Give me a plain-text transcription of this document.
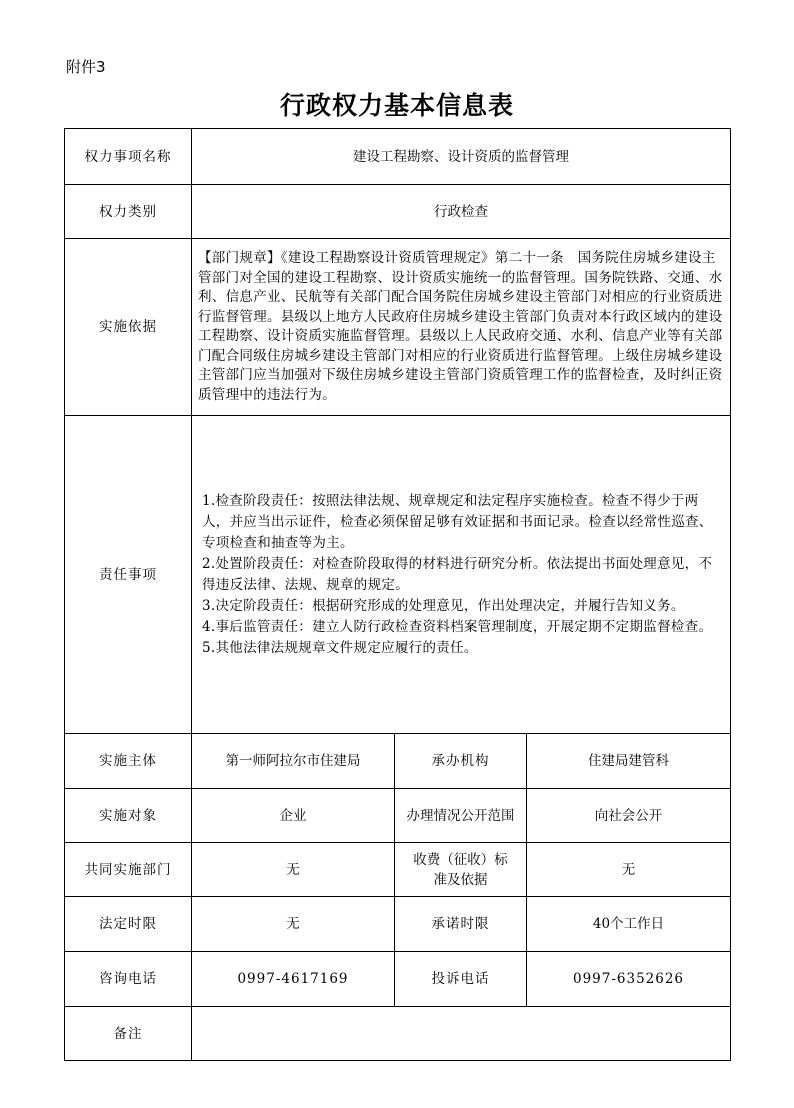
附件3
行政权力基本信息表
权力事项名称	建设工程勘察、设计资质的监督管理		
权力类别	行政检查		
实施依据	【部门规章】《建设工程勘察设计资质管理规定》第二十一条　国务院住房城乡建设主管部门对全国的建设工程勘察、设计资质实施统一的监督管理。国务院铁路、交通、水利、信息产业、民航等有关部门配合国务院住房城乡建设主管部门对相应的行业资质进行监督管理。县级以上地方人民政府住房城乡建设主管部门负责对本行政区域内的建设工程勘察、设计资质实施监督管理。县级以上人民政府交通、水利、信息产业等有关部门配合同级住房城乡建设主管部门对相应的行业资质进行监督管理。上级住房城乡建设主管部门应当加强对下级住房城乡建设主管部门资质管理工作的监督检查，及时纠正资质管理中的违法行为。		
责任事项	1.检查阶段责任：按照法律法规、规章规定和法定程序实施检查。检查不得少于两人，并应当出示证件，检查必须保留足够有效证据和书面记录。检查以经常性巡查、专项检查和抽查等为主。
2.处置阶段责任：对检查阶段取得的材料进行研究分析。依法提出书面处理意见，不得违反法律、法规、规章的规定。
3.决定阶段责任：根据研究形成的处理意见，作出处理决定，并履行告知义务。
4.事后监管责任：建立人防行政检查资料档案管理制度，开展定期不定期监督检查。
5.其他法律法规规章文件规定应履行的责任。		

实施主体	第一师阿拉尔市住建局	承办机构	住建局建管科
实施对象	企业	办理情况公开范围	向社会公开
共同实施部门	无	收费（征收）标准及依据	无
法定时限	无	承诺时限	40个工作日
咨询电话	0997-4617169	投诉电话	0997-6352626
备注			
